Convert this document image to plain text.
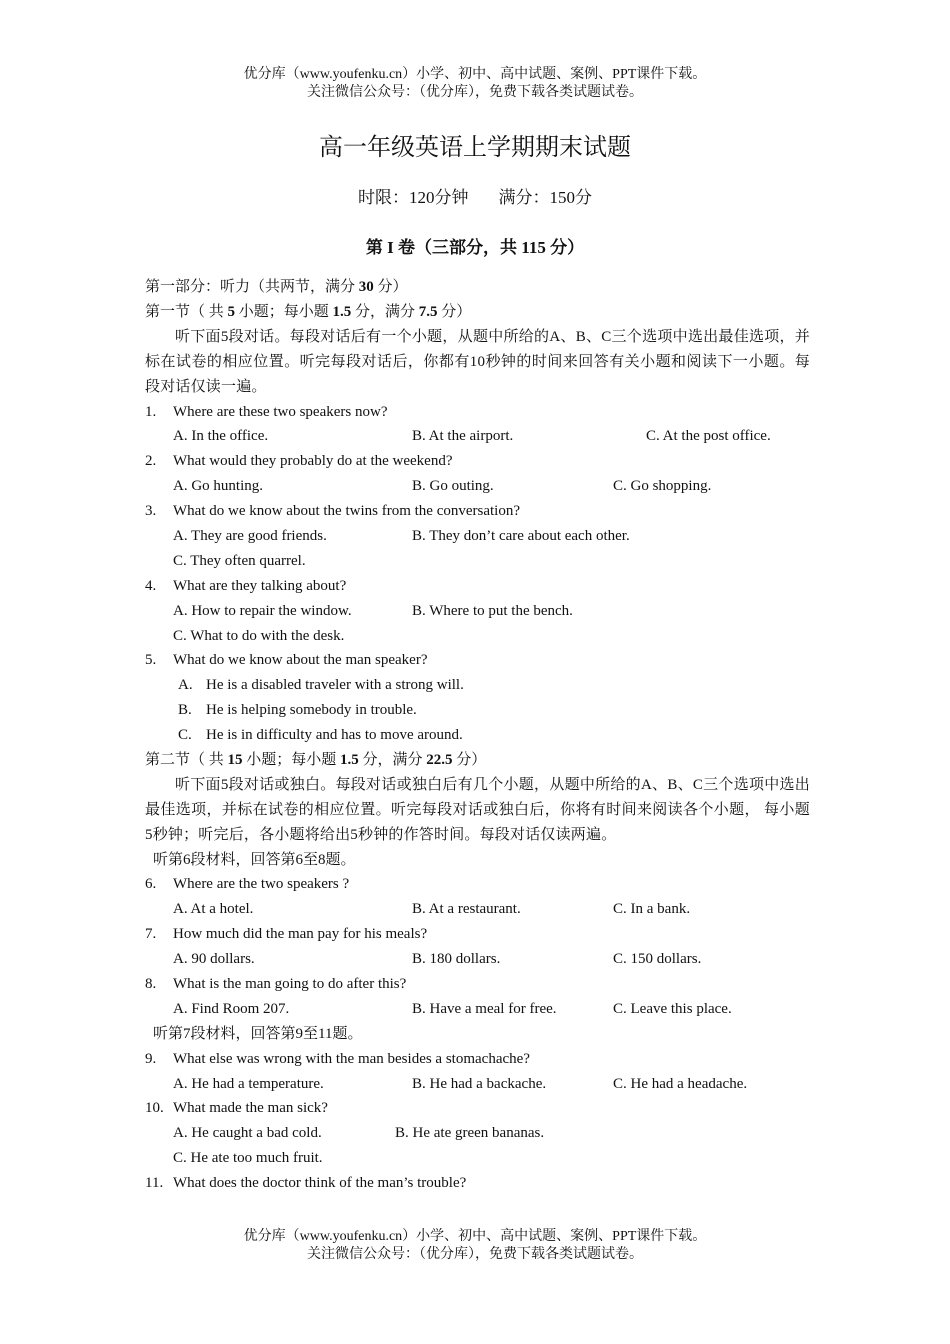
优分库（www.youfenku.cn）小学、初中、高中试题、案例、PPT课件下载。
关注微信公众号：（优分库），免费下载各类试题试卷。
高一年级英语上学期期末试题
时限：120分钟 满分：150分
第 I 卷（三部分，共 115 分）
第一部分：听力（共两节，满分 30 分）
第一节（ 共 5 小题；每小题 1.5 分，满分 7.5 分）
听下面5段对话。每段对话后有一个小题，从题中所给的A、B、C三个选项中选出最佳选项，并标在试卷的相应位置。听完每段对话后，你都有10秒钟的时间来回答有关小题和阅读下一小题。每段对话仅读一遍。
1.	Where are these two speakers now?
A. In the office.	B. At the airport.	C. At the post office.
2.	What would they probably do at the weekend?
A. Go hunting.	B. Go outing.	C. Go shopping.
3.	What do we know about the twins from the conversation?
A. They are good friends.	B. They don’t care about each other.
C. They often quarrel.
4.	What are they talking about?
A. How to repair the window.	B. Where to put the bench.
C. What to do with the desk.
5.	What do we know about the man speaker?
A. He is a disabled traveler with a strong will.
B. He is helping somebody in trouble.
C. He is in difficulty and has to move around.
第二节（ 共 15 小题；每小题 1.5 分，满分 22.5 分）
听下面5段对话或独白。每段对话或独白后有几个小题，从题中所给的A、B、C三个选项中选出最佳选项，并标在试卷的相应位置。听完每段对话或独白后，你将有时间来阅读各个小题， 每小题5秒钟；听完后，各小题将给出5秒钟的作答时间。每段对话仅读两遍。
听第6段材料，回答第6至8题。
6.	Where are the two speakers ?
A. At a hotel.	B. At a restaurant.	C. In a bank.
7.	How much did the man pay for his meals?
A. 90 dollars.	B. 180 dollars.	C. 150 dollars.
8.	What is the man going to do after this?
A. Find Room 207.	B. Have a meal for free.	C. Leave this place.
听第7段材料，回答第9至11题。
9.	What else was wrong with the man besides a stomachache?
A. He had a temperature.	B. He had a backache.	C. He had a headache.
10. What made the man sick?
A. He caught a bad cold.	B. He ate green bananas.
C. He ate too much fruit.
11. What does the doctor think of the man’s trouble?
优分库（www.youfenku.cn）小学、初中、高中试题、案例、PPT课件下载。
关注微信公众号：（优分库），免费下载各类试题试卷。
